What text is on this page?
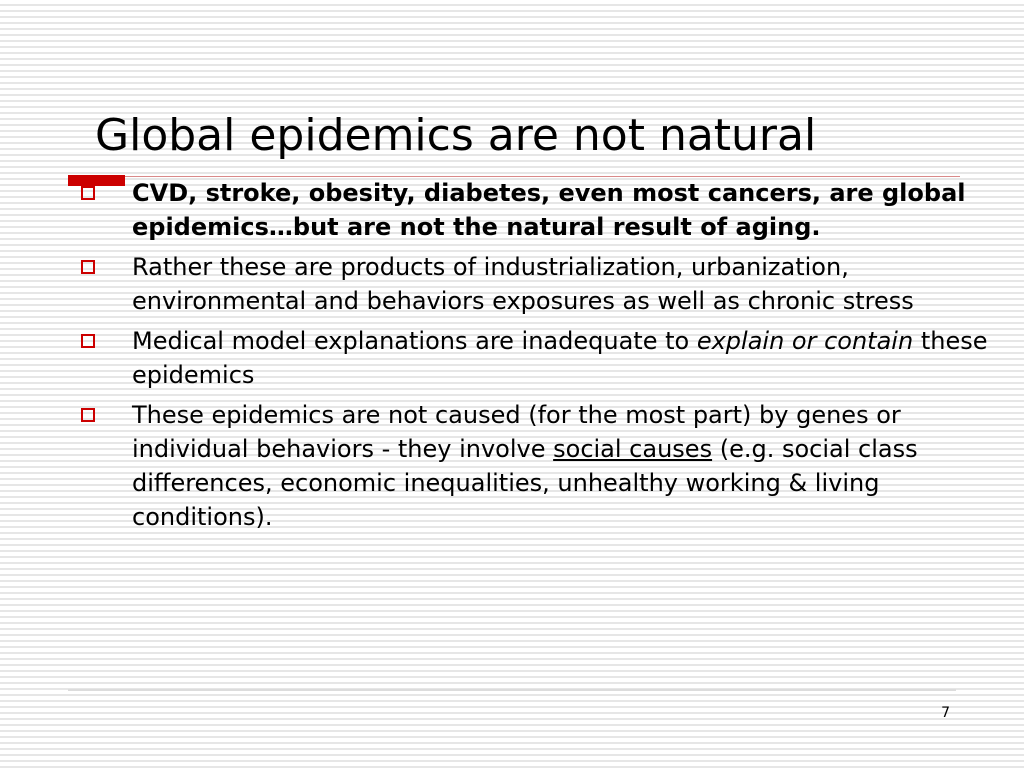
Global epidemics are not natural
CVD, stroke, obesity, diabetes, even most cancers, are global epidemics…but are not the natural result of aging.
Rather these are products of industrialization, urbanization, environmental and behaviors exposures as well as chronic stress
Medical model explanations are inadequate to explain or contain these epidemics
These epidemics are not caused (for the most part) by genes or individual behaviors - they involve social causes (e.g. social class differences, economic inequalities, unhealthy working & living conditions).
7
